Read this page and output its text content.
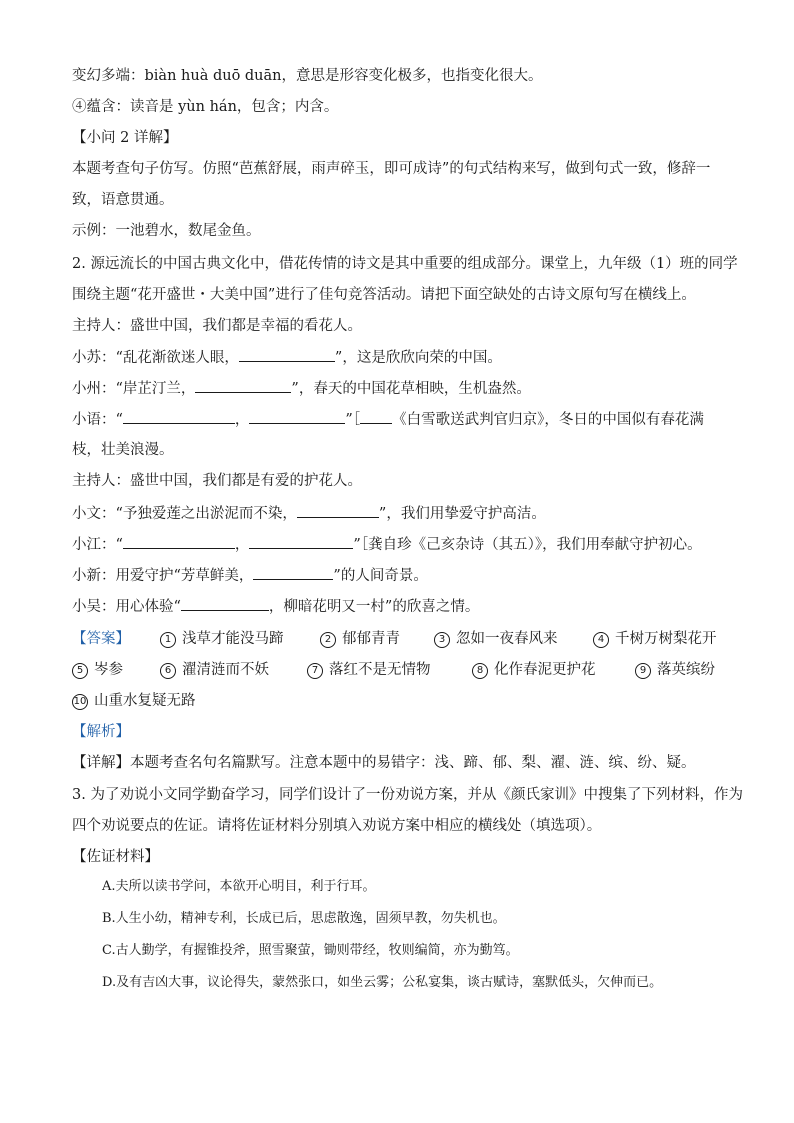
变幻多端：biàn huà duō duān，意思是形容变化极多，也指变化很大。
④蕴含：读音是 yùn hán，包含；内含。
【小问 2 详解】
本题考查句子仿写。仿照“芭蕉舒展，雨声碎玉，即可成诗”的句式结构来写，做到句式一致，修辞一
致，语意贯通。
示例：一池碧水，数尾金鱼。
2. 源远流长的中国古典文化中，借花传情的诗文是其中重要的组成部分。课堂上，九年级（1）班的同学
围绕主题“花开盛世・大美中国”进行了佳句竞答活动。请把下面空缺处的古诗文原句写在横线上。
主持人：盛世中国，我们都是幸福的看花人。
小苏：“乱花渐欲迷人眼，	”，这是欣欣向荣的中国。
小州：“岸芷汀兰，	”，春天的中国花草相映，生机盎然。
小语：“	，	”［ 《白雪歌送武判官归京》，冬日的中国似有春花满
枝，壮美浪漫。
主持人：盛世中国，我们都是有爱的护花人。
小文：“予独爱莲之出淤泥而不染，	”，我们用挚爱守护高洁。
小江：“	，	”［龚自珍《己亥杂诗（其五）》，我们用奉献守护初心。
小新：用爱守护“芳草鲜美，	”的人间奇景。
小吴：用心体验“	，柳暗花明又一村”的欣喜之情。
【答案】	1 浅草才能没马蹄	2 郁郁青青	3 忽如一夜春风来	4 千树万树梨花开
5 岑参	6 濯清涟而不妖	7 落红不是无情物	8 化作春泥更护花	9 落英缤纷
10 山重水复疑无路
【解析】
【详解】本题考查名句名篇默写。注意本题中的易错字：浅、蹄、郁、梨、濯、涟、缤、纷、疑。
3. 为了劝说小文同学勤奋学习，同学们设计了一份劝说方案，并从《颜氏家训》中搜集了下列材料，作为
四个劝说要点的佐证。请将佐证材料分别填入劝说方案中相应的横线处（填选项）。
【佐证材料】
A.夫所以读书学问，本欲开心明目，利于行耳。
B.人生小幼，精神专利，长成已后，思虑散逸，固须早教，勿失机也。
C.古人勤学，有握锥投斧，照雪聚萤，锄则带经，牧则编简，亦为勤笃。
D.及有吉凶大事，议论得失，蒙然张口，如坐云雾；公私宴集，谈古赋诗，塞默低头，欠伸而已。
